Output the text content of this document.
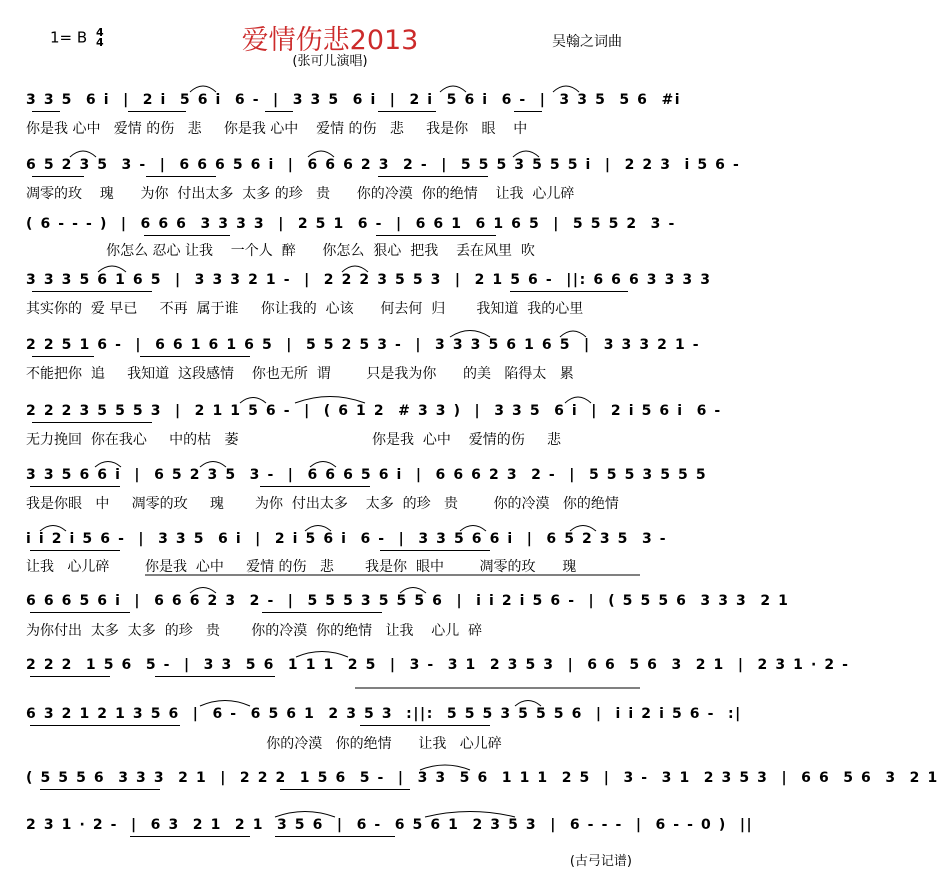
1= B 4
4	爱情伤悲2013
(张可儿演唱)
吴翰之词曲
3 3 5  6 i  |  2 i  5 6 i  6 -  |  3 3 5  6 i  |  2 i  5 6 i  6 -  |  3 3 5  5 6  #i
你是我 心中   爱情 的伤   悲     你是我 心中    爱情 的伤   悲     我是你   眼    中
6 5 2 3 5  3 -  |  6 6 6 5 6 i  |  6 6 6 2 3  2 -  |  5 5 5 3 5 5 5 i  |  2 2 3  i 5 6 -
凋零的玫    瑰      为你  付出太多  太多 的珍   贵      你的冷漠  你的绝情    让我  心儿碎
( 6 - - - )  |  6 6 6  3 3 3 3  |  2 5 1  6 -  |  6 6 1  6 1 6 5  |  5 5 5 2  3 -
你怎么 忍心 让我    一个人  醉      你怎么  狠心  把我    丢在风里  吹
3 3 3 5 6 1 6 5  |  3 3 3 2 1 -  |  2 2 2 3 5 5 3  |  2 1 5 6 -  ||: 6 6 6 3 3 3 3
其实你的  爱 早已     不再  属于谁     你让我的  心该      何去何  归       我知道  我的心里
2 2 5 1 6 -  |  6 6 1 6 1 6 5  |  5 5 2 5 3 -  |  3 3 3 5 6 1 6 5  |  3 3 3 2 1 -
不能把你  追     我知道  这段感情    你也无所  谓        只是我为你      的美   陷得太   累
2 2 2 3 5 5 5 3  |  2 1 1 5 6 -  |  ( 6 1 2  # 3 3 )  |  3 3 5  6 i  |  2 i 5 6 i  6 -
无力挽回  你在我心     中的枯   萎                              你是我  心中    爱情的伤     悲
3 3 5 6 6 i  |  6 5 2 3 5  3 -  |  6 6 6 5 6 i  |  6 6 6 2 3  2 -  |  5 5 5 3 5 5 5
我是你眼   中     凋零的玫     瑰       为你  付出太多    太多  的珍   贵        你的冷漠   你的绝情
i i 2 i 5 6 -  |  3 3 5  6 i  |  2 i 5 6 i  6 -  |  3 3 5 6 6 i  |  6 5 2 3 5  3 -
让我   心儿碎        你是我  心中     爱情 的伤   悲       我是你  眼中        凋零的玫      瑰
6 6 6 5 6 i  |  6 6 6 2 3  2 -  |  5 5 5 3 5 5 5 6  |  i i 2 i 5 6 -  |  ( 5 5 5 6  3 3 3  2 1
为你付出  太多  太多  的珍   贵       你的冷漠  你的绝情   让我    心儿  碎
2 2 2  1 5 6  5 -  |  3 3  5 6  1 1 1  2 5  |  3 -  3 1  2 3 5 3  |  6 6  5 6  3  2 1  |  2 3 1 · 2 -
6 3 2 1 2 1 3 5 6  |  6 -  6 5 6 1  2 3 5 3  :||:  5 5 5 3 5 5 5 6  |  i i 2 i 5 6 -  :|
你的冷漠   你的绝情      让我   心儿碎
( 5 5 5 6  3 3 3  2 1  |  2 2 2  1 5 6  5 -  |  3 3  5 6  1 1 1  2 5  |  3 -  3 1  2 3 5 3  |  6 6  5 6  3  2 1
2 3 1 · 2 -  |  6 3  2 1  2 1  3 5 6  |  6 -  6 5 6 1  2 3 5 3  |  6 - - -  |  6 - - 0 )  ||
(古弓记谱)
